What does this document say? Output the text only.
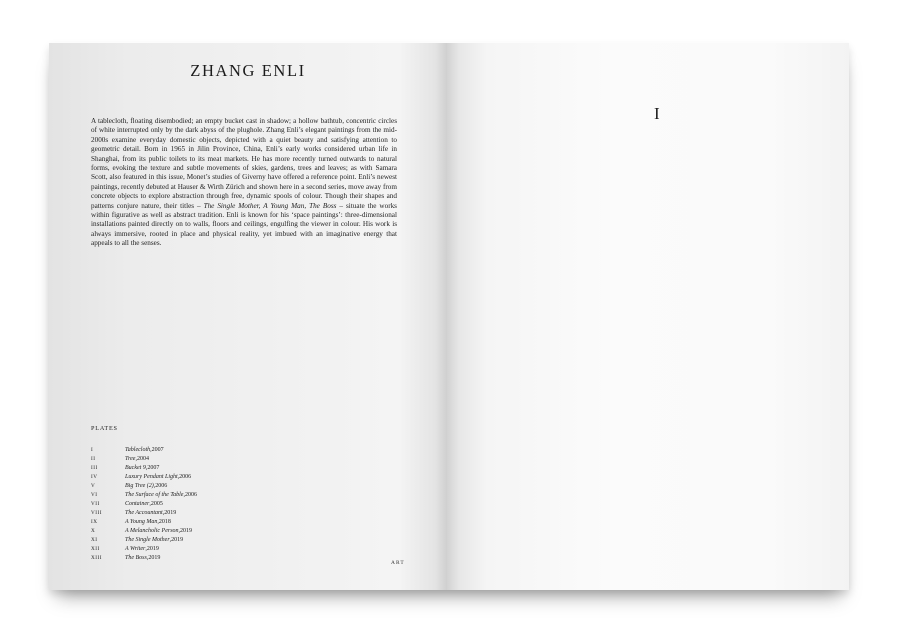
ZHANG ENLI

A tablecloth, floating disembodied; an empty bucket cast in shadow; a hollow bathtub, concentric circles of white interrupted only by the dark abyss of the plughole. Zhang Enli’s elegant paintings from the mid-2000s examine everyday domestic objects, depicted with a quiet beauty and satisfying attention to geometric detail. Born in 1965 in Jilin Province, China, Enli’s early works considered urban life in Shanghai, from its public toilets to its meat markets. He has more recently turned outwards to natural forms, evoking the texture and subtle movements of skies, gardens, trees and leaves; as with Samara Scott, also featured in this issue, Monet’s studies of Giverny have offered a reference point. Enli’s newest paintings, recently debuted at Hauser & Wirth Zürich and shown here in a second series, move away from concrete objects to explore abstraction through free, dynamic spools of colour. Though their shapes and patterns conjure nature, their titles – The Single Mother, A Young Man, The Boss – situate the works within figurative as well as abstract tradition. Enli is known for his ‘space paintings’: three-dimensional installations painted directly on to walls, floors and ceilings, engulfing the viewer in colour. His work is always immersive, rooted in place and physical reality, yet imbued with an imaginative energy that appeals to all the senses.

PLATES
I	Tablecloth , 2007
II	Tree , 2004
III	Bucket 9 , 2007
IV	Luxury Pendant Light , 2006
V	Big Tree (2) , 2006
VI	The Surface of the Table , 2006
VII	Container , 2005
VIII	The Accountant , 2019
IX	A Young Man , 2018
X	A Melancholic Person , 2019
XI	The Single Mother , 2019
XII	A Writer , 2019
XIII	The Boss , 2019
ART
I
